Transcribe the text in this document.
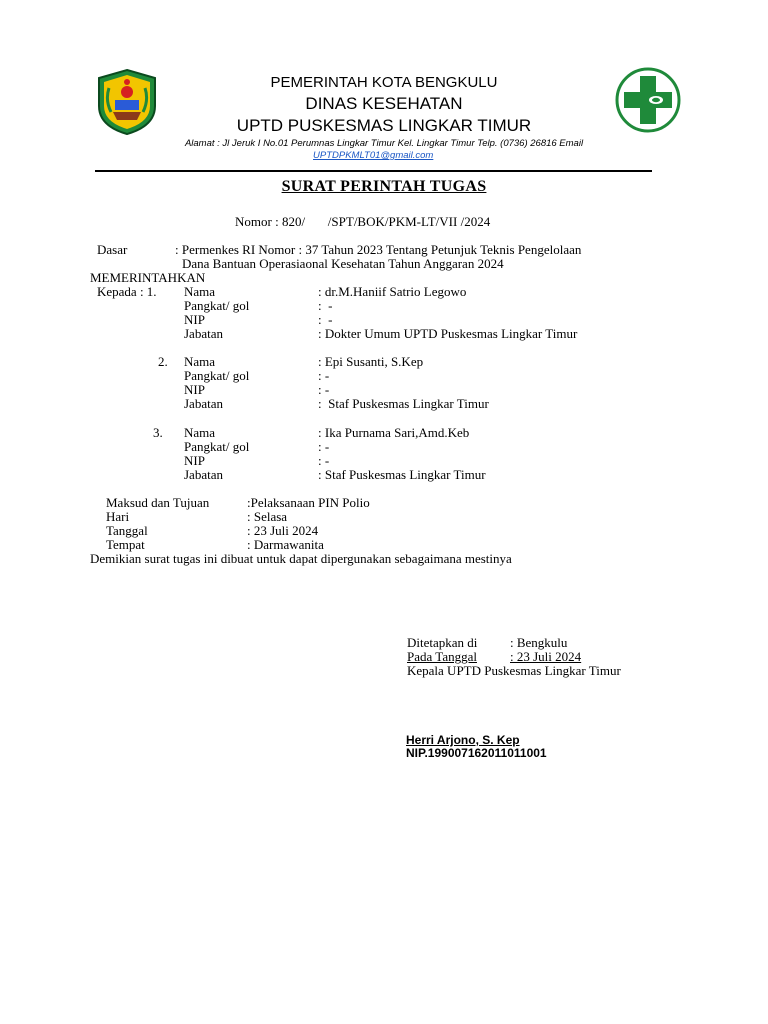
PEMERINTAH KOTA BENGKULU
DINAS KESEHATAN
UPTD PUSKESMAS LINGKAR TIMUR
Alamat : Jl Jeruk I No.01 Perumnas Lingkar Timur Kel. Lingkar Timur Telp. (0736) 26816 Email
UPTDPKMLT01@gmail.com
SURAT PERINTAH TUGAS
Nomor : 820/       /SPT/BOK/PKM-LT/VII /2024
Dasar	: Permenkes RI Nomor : 37 Tahun 2023 Tentang Petunjuk Teknis Pengelolaan
Dana Bantuan Operasiaonal Kesehatan Tahun Anggaran 2024
MEMERINTAHKAN
Kepada : 1. Nama	: dr.M.Haniif Satrio Legowo
Pangkat/ gol	:  -
NIP	:  -
Jabatan	: Dokter Umum UPTD Puskesmas Lingkar Timur
2. Nama	: Epi Susanti, S.Kep
Pangkat/ gol	: -
NIP	: -
Jabatan	:  Staf Puskesmas Lingkar Timur
3. Nama	: Ika Purnama Sari,Amd.Keb
Pangkat/ gol	: -
NIP	: -
Jabatan	: Staf Puskesmas Lingkar Timur
Maksud dan Tujuan	:Pelaksanaan PIN Polio
Hari	: Selasa
Tanggal	: 23 Juli 2024
Tempat	: Darmawanita
Demikian surat tugas ini dibuat untuk dapat dipergunakan sebagaimana mestinya
Ditetapkan di	: Bengkulu
Pada Tanggal	: 23 Juli 2024
Kepala UPTD Puskesmas Lingkar Timur
Herri Arjono, S. Kep
NIP.199007162011011001
